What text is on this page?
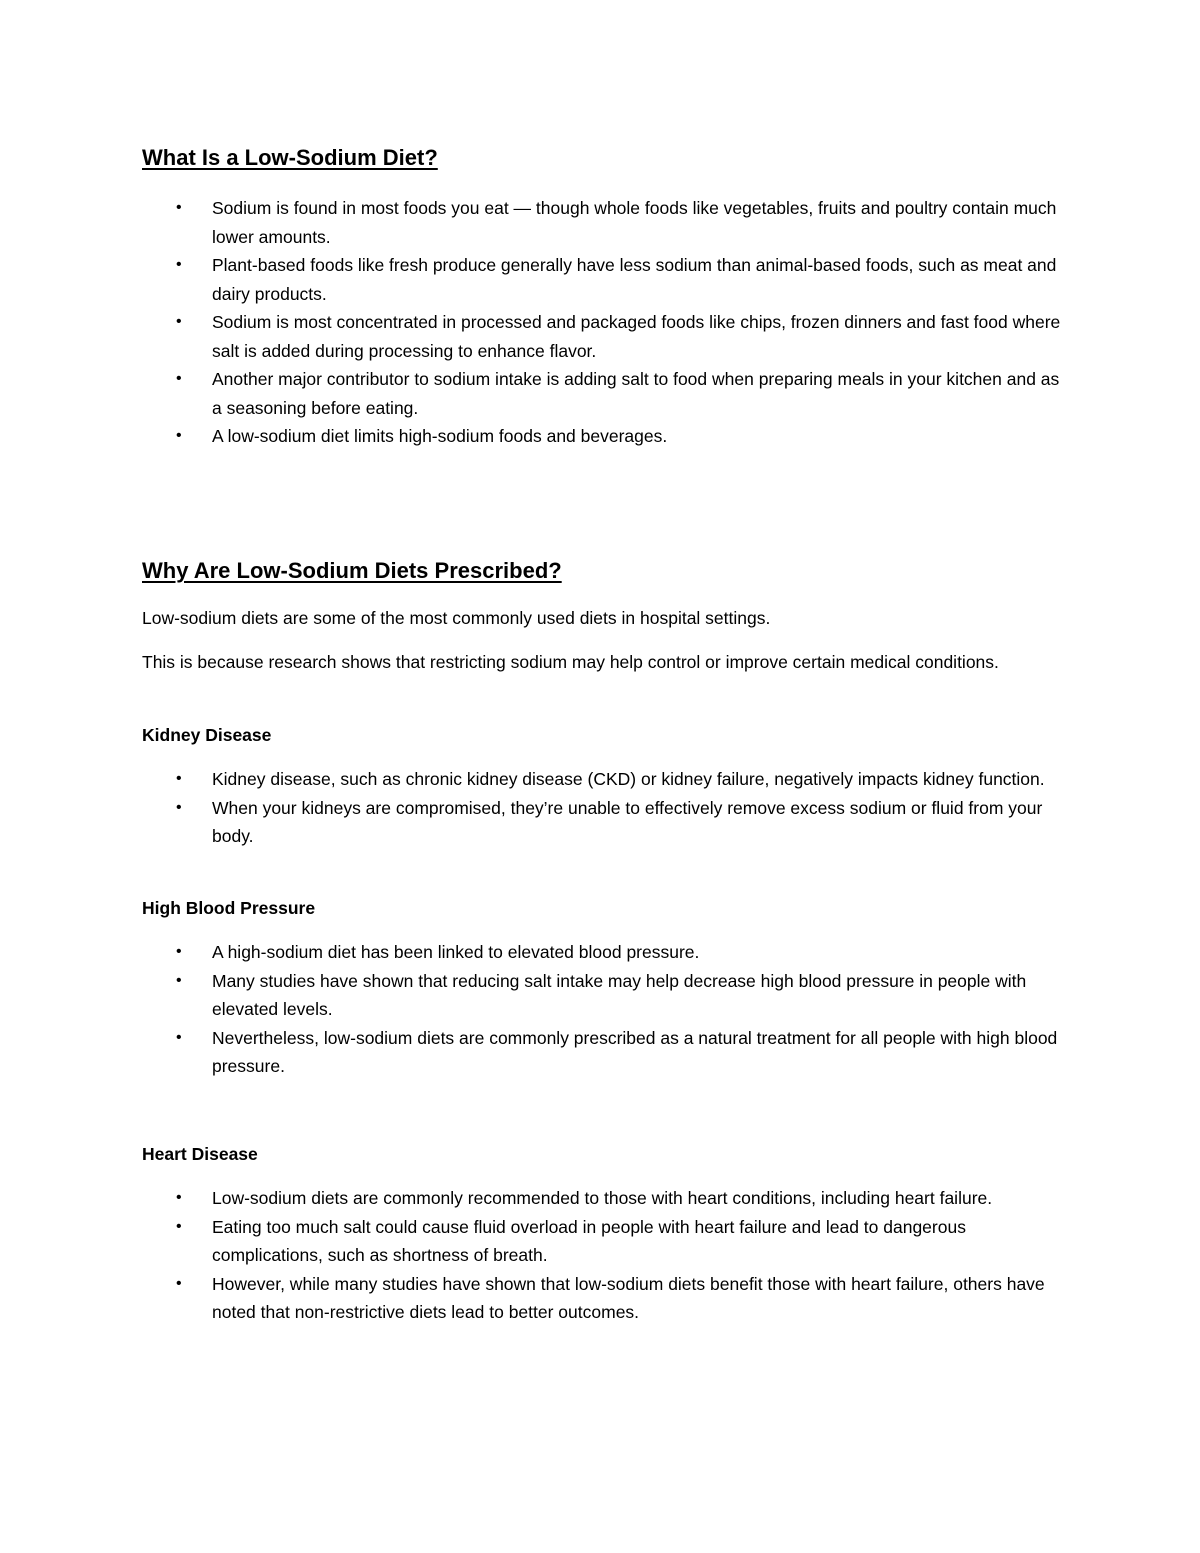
What Is a Low-Sodium Diet?
• Sodium is found in most foods you eat — though whole foods like vegetables, fruits and poultry contain much lower amounts.
• Plant-based foods like fresh produce generally have less sodium than animal-based foods, such as meat and dairy products.
• Sodium is most concentrated in processed and packaged foods like chips, frozen dinners and fast food where salt is added during processing to enhance flavor.
• Another major contributor to sodium intake is adding salt to food when preparing meals in your kitchen and as a seasoning before eating.
• A low-sodium diet limits high-sodium foods and beverages.
Why Are Low-Sodium Diets Prescribed?
Low-sodium diets are some of the most commonly used diets in hospital settings.
This is because research shows that restricting sodium may help control or improve certain medical conditions.
Kidney Disease
• Kidney disease, such as chronic kidney disease (CKD) or kidney failure, negatively impacts kidney function.
• When your kidneys are compromised, they’re unable to effectively remove excess sodium or fluid from your body.
High Blood Pressure
• A high-sodium diet has been linked to elevated blood pressure.
• Many studies have shown that reducing salt intake may help decrease high blood pressure in people with elevated levels.
• Nevertheless, low-sodium diets are commonly prescribed as a natural treatment for all people with high blood pressure.
Heart Disease
• Low-sodium diets are commonly recommended to those with heart conditions, including heart failure.
• Eating too much salt could cause fluid overload in people with heart failure and lead to dangerous complications, such as shortness of breath.
• However, while many studies have shown that low-sodium diets benefit those with heart failure, others have noted that non-restrictive diets lead to better outcomes.
